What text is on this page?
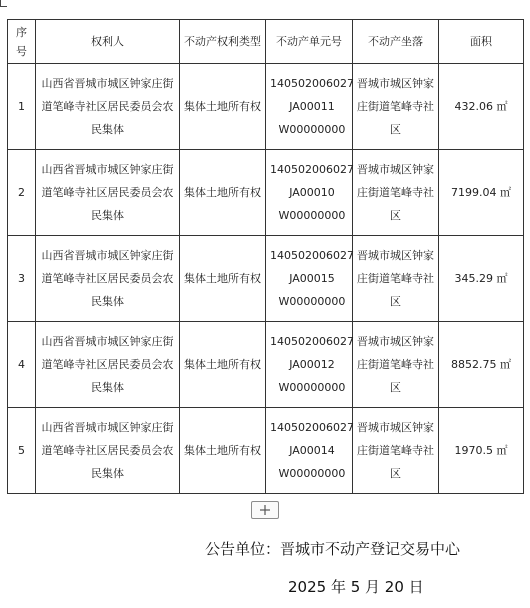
序号	权利人	不动产权利类型	不动产单元号	不动产坐落	面积
1	山西省晋城市城区钟家庄街道笔峰寺社区居民委员会农民集体	集体土地所有权	140502006027 JA00011 W00000000	晋城市城区钟家庄街道笔峰寺社区	432.06 ㎡
2	山西省晋城市城区钟家庄街道笔峰寺社区居民委员会农民集体	集体土地所有权	140502006027 JA00010 W00000000	晋城市城区钟家庄街道笔峰寺社区	7199.04 ㎡
3	山西省晋城市城区钟家庄街道笔峰寺社区居民委员会农民集体	集体土地所有权	140502006027 JA00015 W00000000	晋城市城区钟家庄街道笔峰寺社区	345.29 ㎡
4	山西省晋城市城区钟家庄街道笔峰寺社区居民委员会农民集体	集体土地所有权	140502006027 JA00012 W00000000	晋城市城区钟家庄街道笔峰寺社区	8852.75 ㎡
5	山西省晋城市城区钟家庄街道笔峰寺社区居民委员会农民集体	集体土地所有权	140502006027 JA00014 W00000000	晋城市城区钟家庄街道笔峰寺社区	1970.5 ㎡
公告单位：晋城市不动产登记交易中心
2025 年 5 月 20 日
